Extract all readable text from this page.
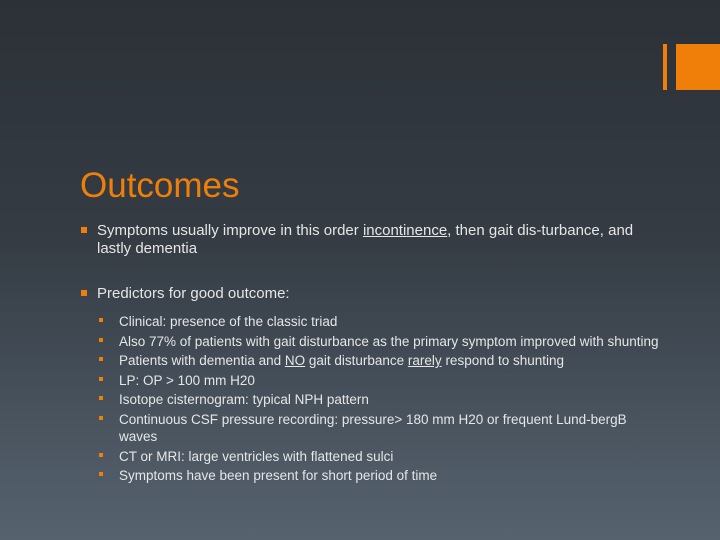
Outcomes
Symptoms usually improve in this order incontinence, then gait dis-turbance, and lastly dementia
Predictors for good outcome:
Clinical: presence of the classic triad
Also 77% of patients with gait disturbance as the primary symptom improved with shunting
Patients with dementia and NO gait disturbance rarely respond to shunting
LP: OP > 100 mm H20
Isotope cisternogram: typical NPH pattern
Continuous CSF pressure recording: pressure> 180 mm H20 or frequent Lund-bergB waves
CT or MRI: large ventricles with flattened sulci
Symptoms have been present for short period of time
